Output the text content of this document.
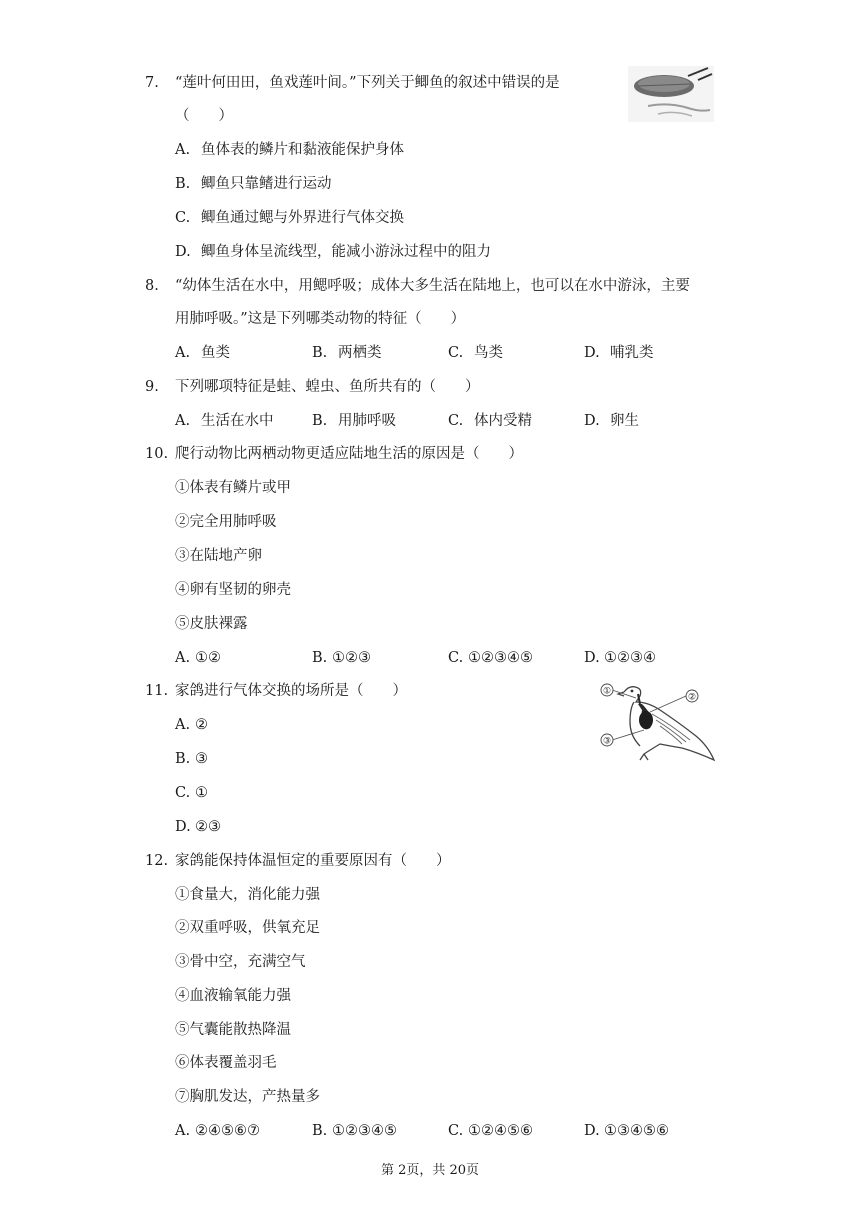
7. “莲叶何田田，鱼戏莲叶间。”下列关于鲫鱼的叙述中错误的是
（　　）
A. 鱼体表的鳞片和黏液能保护身体
B. 鲫鱼只靠鳍进行运动
C. 鲫鱼通过鳃与外界进行气体交换
D. 鲫鱼身体呈流线型，能减小游泳过程中的阻力
8. “幼体生活在水中，用鳃呼吸；成体大多生活在陆地上，也可以在水中游泳，主要
用肺呼吸。”这是下列哪类动物的特征（　　）
A. 鱼类	B. 两栖类	C. 鸟类	D. 哺乳类
9. 下列哪项特征是蛙、蝗虫、鱼所共有的（　　）
A. 生活在水中	B. 用肺呼吸	C. 体内受精	D. 卵生
10. 爬行动物比两栖动物更适应陆地生活的原因是（　　）
①体表有鳞片或甲
②完全用肺呼吸
③在陆地产卵
④卵有坚韧的卵壳
⑤皮肤裸露
A. ①②	B. ①②③	C. ①②③④⑤	D. ①②③④
11. 家鸽进行气体交换的场所是（　　）	①
②
③
A. ②
B. ③
C. ①
D. ②③
12. 家鸽能保持体温恒定的重要原因有（　　）
①食量大，消化能力强
②双重呼吸，供氧充足
③骨中空，充满空气
④血液输氧能力强
⑤气囊能散热降温
⑥体表覆盖羽毛
⑦胸肌发达，产热量多
A. ②④⑤⑥⑦	B. ①②③④⑤	C. ①②④⑤⑥	D. ①③④⑤⑥
第 2页，共 20页
